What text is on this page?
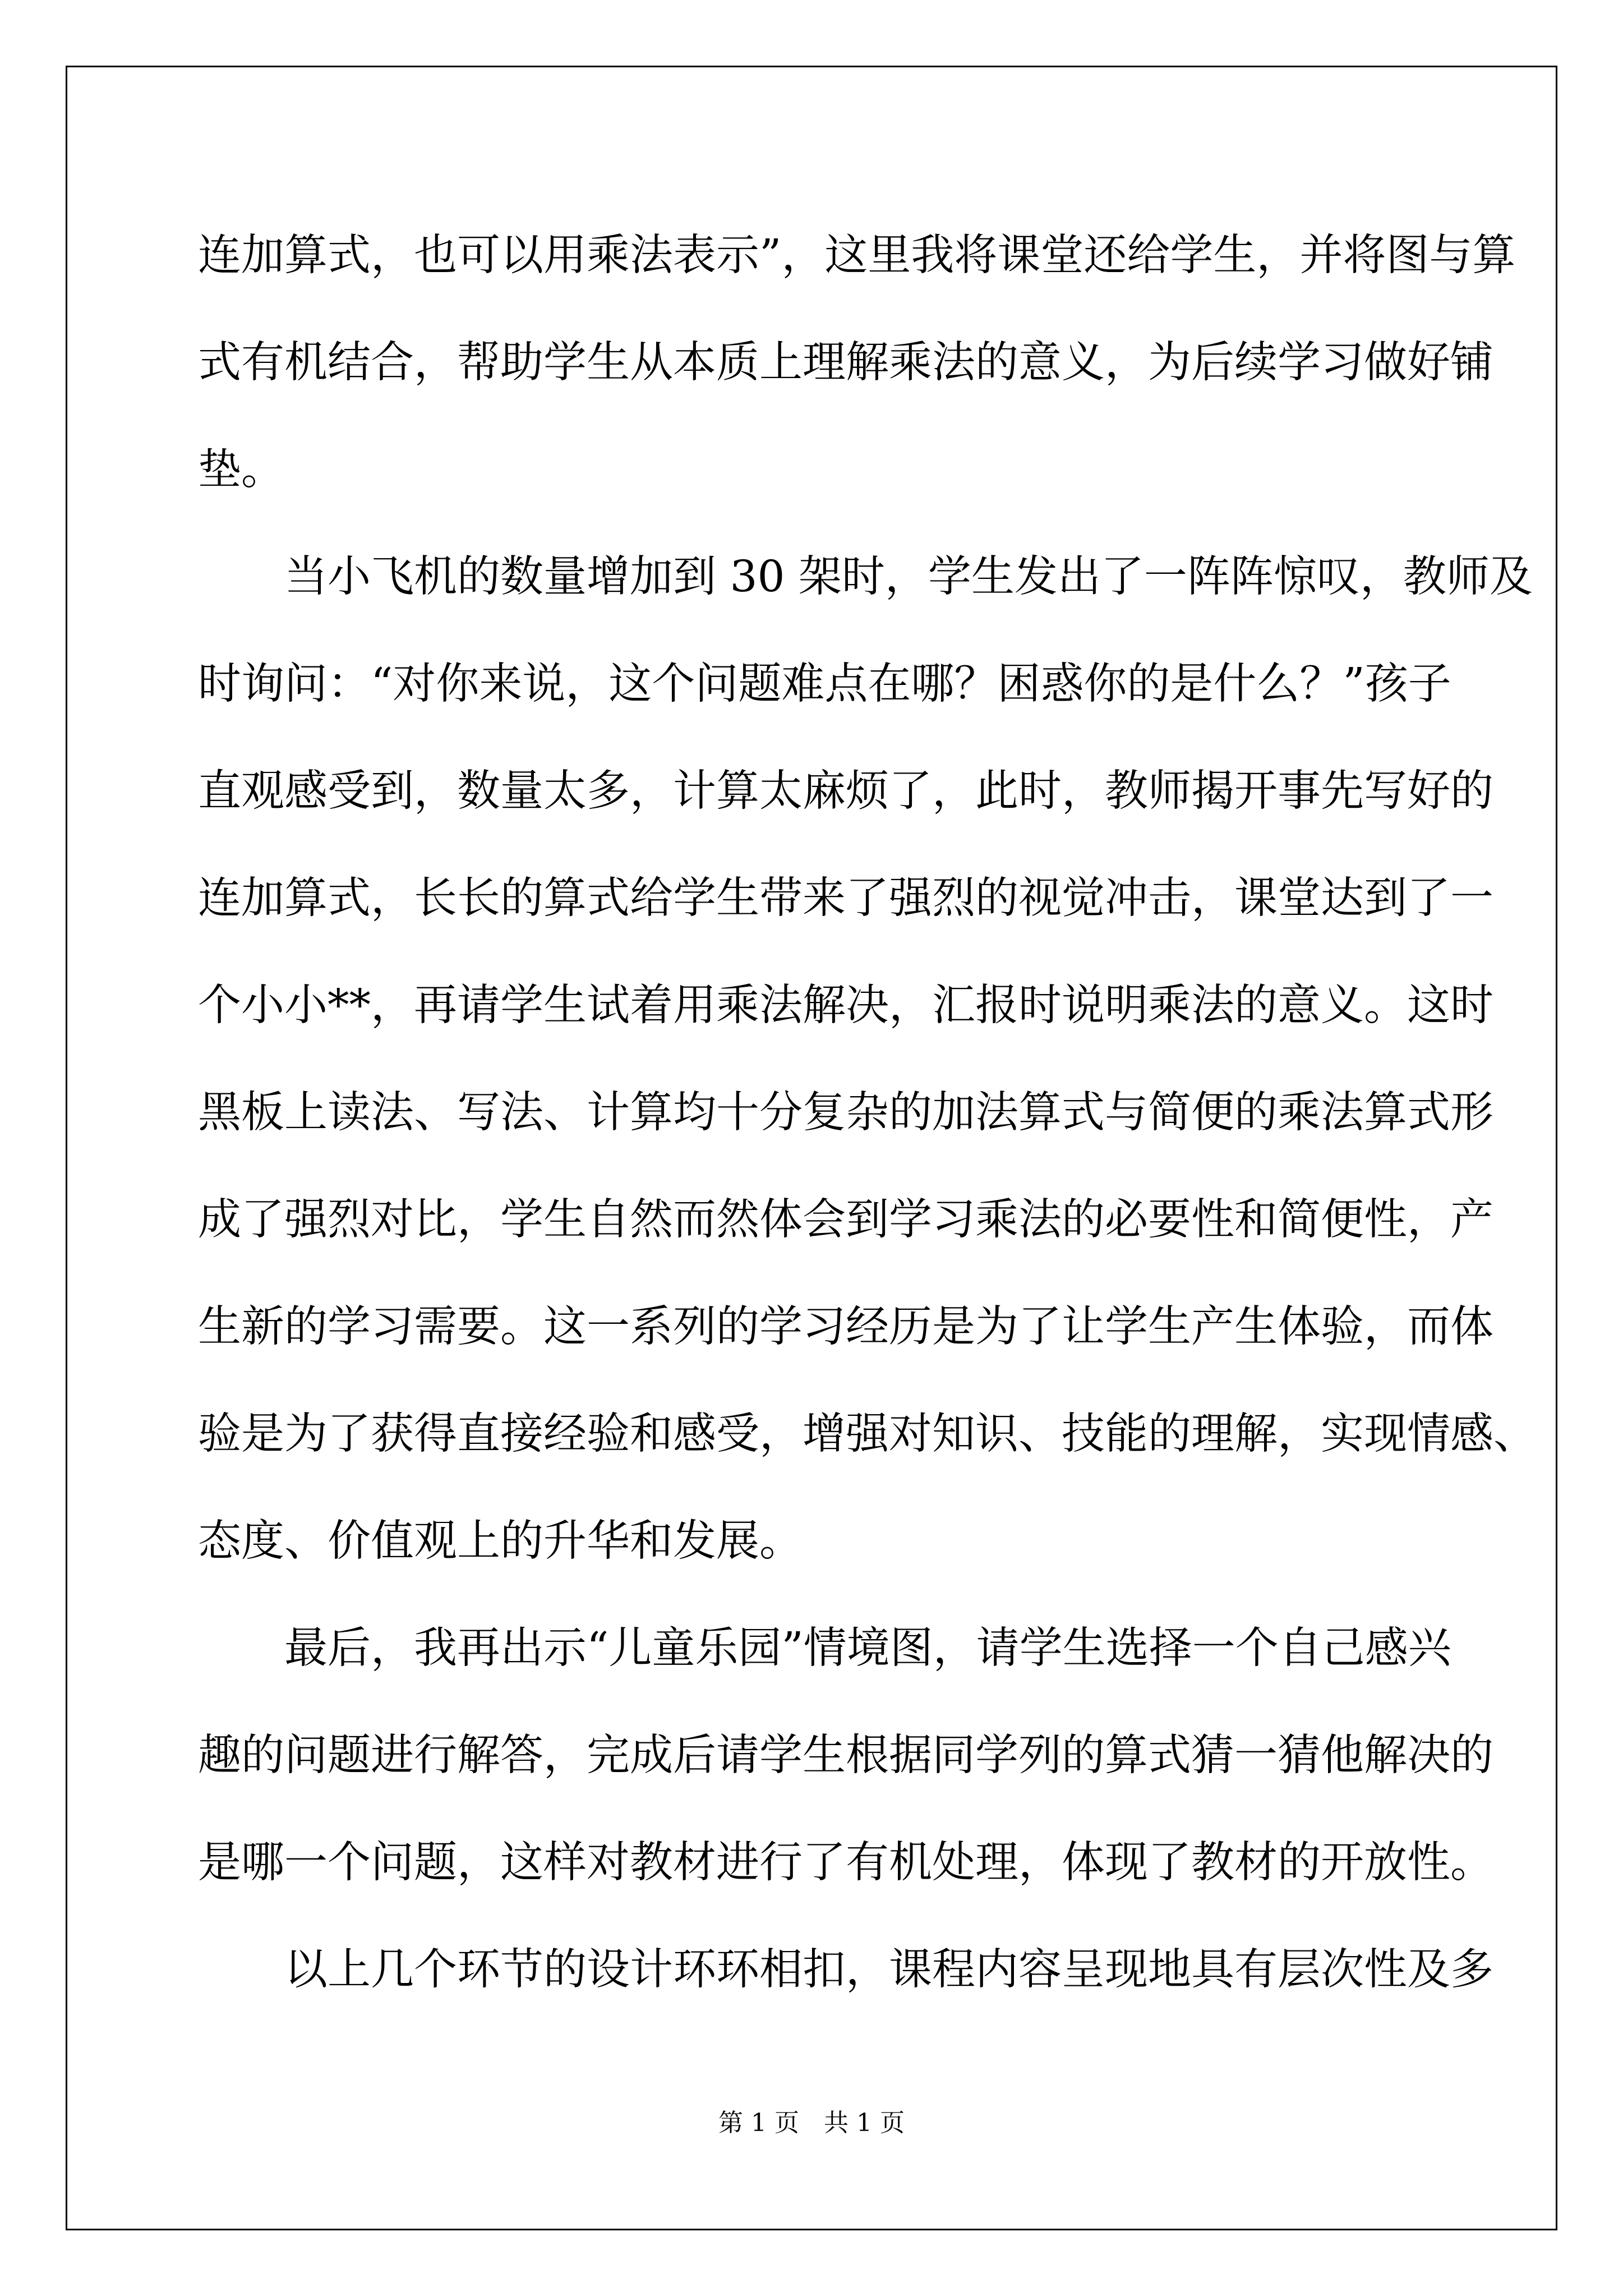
连加算式，也可以用乘法表示”，这里我将课堂还给学生，并将图与算
式有机结合，帮助学生从本质上理解乘法的意义，为后续学习做好铺
垫。
当小飞机的数量增加到 30 架时，学生发出了一阵阵惊叹，教师及
时询问：“对你来说，这个问题难点在哪？困惑你的是什么？”孩子
直观感受到，数量太多，计算太麻烦了，此时，教师揭开事先写好的
连加算式，长长的算式给学生带来了强烈的视觉冲击，课堂达到了一
个小小**，再请学生试着用乘法解决，汇报时说明乘法的意义。这时
黑板上读法、写法、计算均十分复杂的加法算式与简便的乘法算式形
成了强烈对比，学生自然而然体会到学习乘法的必要性和简便性，产
生新的学习需要。这一系列的学习经历是为了让学生产生体验，而体
验是为了获得直接经验和感受，增强对知识、技能的理解，实现情感、
态度、价值观上的升华和发展。
最后，我再出示“儿童乐园”情境图，请学生选择一个自己感兴
趣的问题进行解答，完成后请学生根据同学列的算式猜一猜他解决的
是哪一个问题，这样对教材进行了有机处理，体现了教材的开放性。
以上几个环节的设计环环相扣，课程内容呈现地具有层次性及多
第 1 页 共 1 页
